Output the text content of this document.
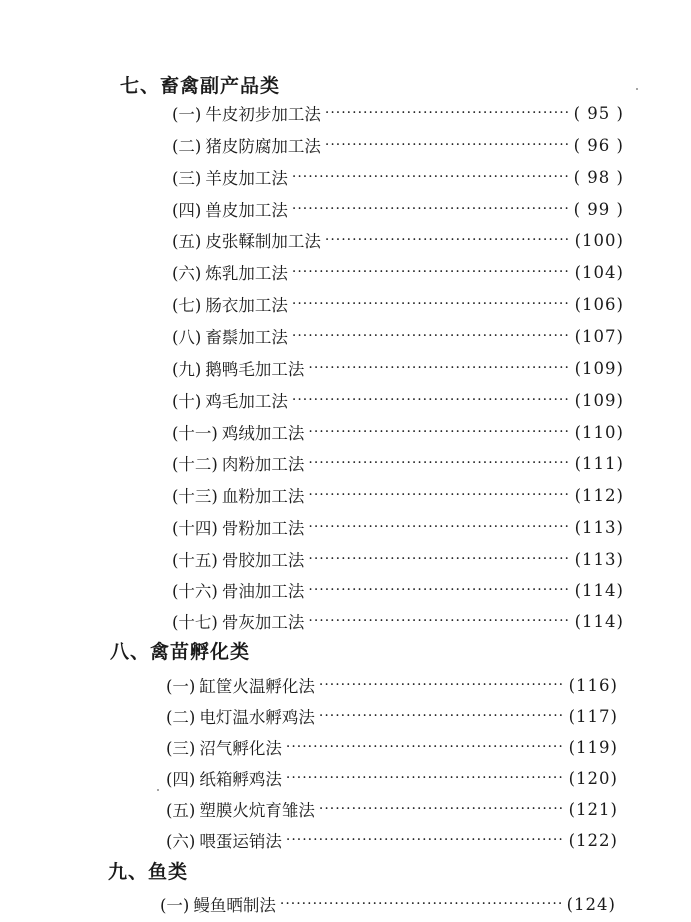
七、畜禽副产品类
(一) 牛皮初步加工法 ·····	( 95 )
(二) 猪皮防腐加工法 ·····	( 96 )
(三) 羊皮加工法 ·····	( 98 )
(四) 兽皮加工法 ·····	( 99 )
(五) 皮张鞣制加工法 ·····	(100)
(六) 炼乳加工法 ·····	(104)
(七) 肠衣加工法 ·····	(106)
(八) 畜鬃加工法 ·····	(107)
(九) 鹅鸭毛加工法 ·····	(109)
(十) 鸡毛加工法 ·····	(109)
(十一) 鸡绒加工法 ·····	(110)
(十二) 肉粉加工法 ·····	(111)
(十三) 血粉加工法 ·····	(112)
(十四) 骨粉加工法 ·····	(113)
(十五) 骨胶加工法 ·····	(113)
(十六) 骨油加工法 ·····	(114)
(十七) 骨灰加工法 ·····	(114)
八、禽苗孵化类
(一) 缸筐火温孵化法 ·····	(116)
(二) 电灯温水孵鸡法 ·····	(117)
(三) 沼气孵化法 ·····	(119)
(四) 纸箱孵鸡法 ·····	(120)
(五) 塑膜火炕育雏法 ·····	(121)
(六) 喂蛋运销法 ·····	(122)
九、鱼类
(一) 鳗鱼晒制法 ·····	(124)
